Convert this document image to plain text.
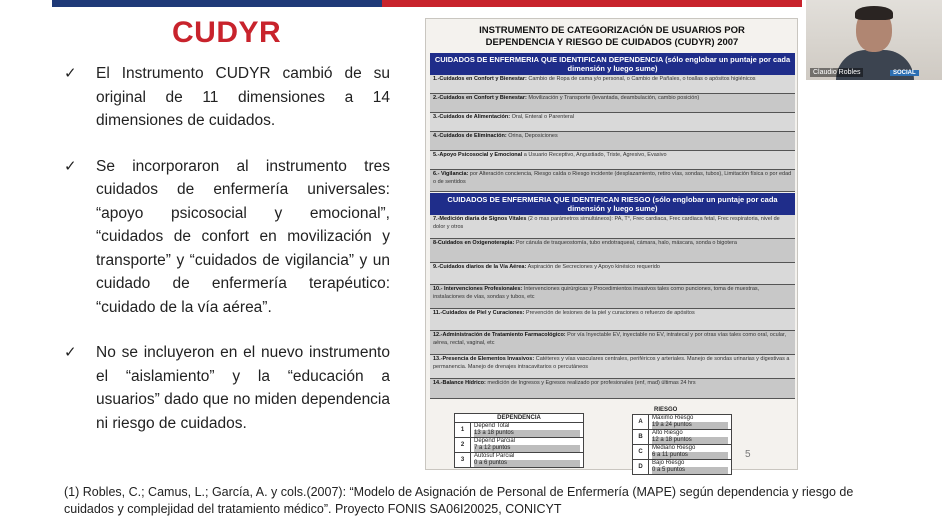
CUDYR
✓ El Instrumento CUDYR cambió de su original de 11 dimensiones a 14 dimensiones de cuidados.
✓ Se incorporaron al instrumento tres cuidados de enfermería universales: “apoyo psicosocial y emocional”, “cuidados de confort en movilización y transporte” y “cuidados de vigilancia” y un cuidado de enfermería terapéutico: “cuidado de la vía aérea”.
✓ No se incluyeron en el nuevo instrumento el “aislamiento” y la “educación a usuarios” dado que no miden dependencia ni riesgo de cuidados.
INSTRUMENTO DE CATEGORIZACIÓN DE USUARIOS POR
DEPENDENCIA Y RIESGO DE CUIDADOS (CUDYR) 2007
CUIDADOS DE ENFERMERIA QUE IDENTIFICAN DEPENDENCIA (sólo englobar un puntaje por cada dimensión y luego sume)
1.-Cuidados en Confort y Bienestar: Cambio de Ropa de cama y/o personal, o Cambio de Pañales, o toallas o apósitos higiénicos
2.-Cuidados en Confort y Bienestar: Movilización y Transporte (levantada, deambulación, cambio posición)
3.-Cuidados de Alimentación: Oral, Enteral o Parenteral
4.-Cuidados de Eliminación: Orina, Deposiciones
5.-Apoyo Psicosocial y Emocional a Usuario Receptivo, Angustiado, Triste, Agresivo, Evasivo
6.- Vigilancia: por Alteración conciencia, Riesgo caída o Riesgo incidente (desplazamiento, retiro vías, sondas, tubos), Limitación física o por edad o de sentidos
CUIDADOS DE ENFERMERIA QUE IDENTIFICAN RIESGO (sólo englobar un puntaje por cada dimensión y luego sume)
7.-Medición diaria de Signos Vitales (2 o mas parámetros simultáneos): PA, T°, Frec cardiaca, Frec cardiaca fetal, Frec respiratoria, nivel de dolor y otros
8-Cuidados en Oxigenoterapia: Por cánula de traqueostomía, tubo endotraqueal, cámara, halo, máscara, sonda o bigotera
9.-Cuidados diarios de la Vía Aérea: Aspiración de Secreciones y Apoyo kinésico requerido
10.- Intervenciones Profesionales: Intervenciones quirúrgicas y Procedimientos invasivos tales como punciones, toma de muestras, instalaciones de vías, sondas y tubos, etc
11.-Cuidados de Piel y Curaciones: Prevención de lesiones de la piel y curaciones o refuerzo de apósitos
12.-Administración de Tratamiento Farmacológico: Por vía Inyectable EV, inyectable no EV, intratecal y por otras vías tales como oral, ocular, aérea, rectal, vaginal, etc
13.-Presencia de Elementos Invasivos: Catéteres y vías vasculares centrales, periféricos y arteriales. Manejo de sondas urinarias y digestivas a permanencia. Manejo de drenajes intracavitarios o percutáneos
14.-Balance Hídrico: medición de Ingresos y Egresos realizado por profesionales (enf, mad) últimas 24 hrs
DEPENDENCIA
1
Depend Total
13 a 18 puntos
2
Depend Parcial
7 a 12 puntos
3
Autosuf Parcial
0 a 6 puntos
RIESGO
A
Máximo Riesgo
19 a 24 puntos
B
Alto Riesgo
12 a 18 puntos
C
Mediano Riesgo
6 a 11 puntos
D
Bajo Riesgo
0 a 5 puntos
5
(1) Robles, C.; Camus, L.; García, A. y cols.(2007): “Modelo de Asignación de Personal de Enfermería (MAPE) según dependencia y riesgo de cuidados y complejidad del tratamiento médico”. Proyecto FONIS SA06I20025, CONICYT
Claudio Robles	SOCIAL
